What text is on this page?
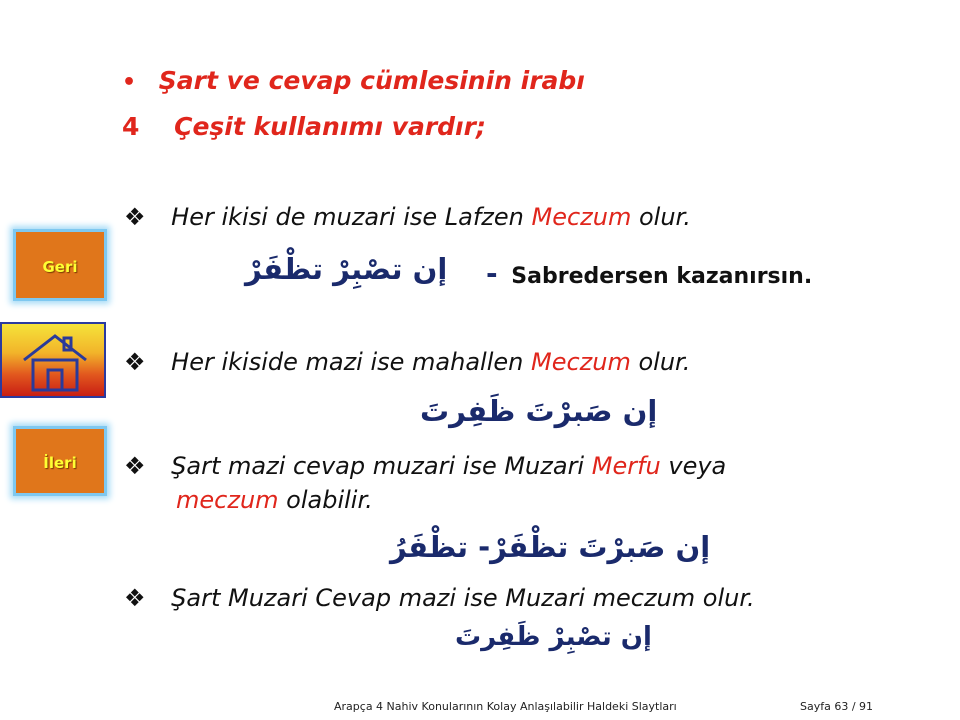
• Şart ve cevap cümlesinin irabı
4 Çeşit kullanımı vardır;
❖ Her ikisi de muzari ise Lafzen Meczum olur.
إن تصْبِرْ تظْفَرْ - Sabredersen kazanırsın.
❖ Her ikiside mazi ise mahallen Meczum olur.
إن صَبرْتَ ظَفِرتَ
❖ Şart mazi cevap muzari ise Muzari Merfu veya
meczum olabilir.
إن صَبرْتَ تظْفَرْ- تظْفَرُ
❖ Şart Muzari Cevap mazi ise Muzari meczum olur.
إن تصْبِرْ ظَفِرتَ
Geri
İleri
Arapça 4 Nahiv Konularının Kolay Anlaşılabilir Haldeki Slaytları	Sayfa 63 / 91
